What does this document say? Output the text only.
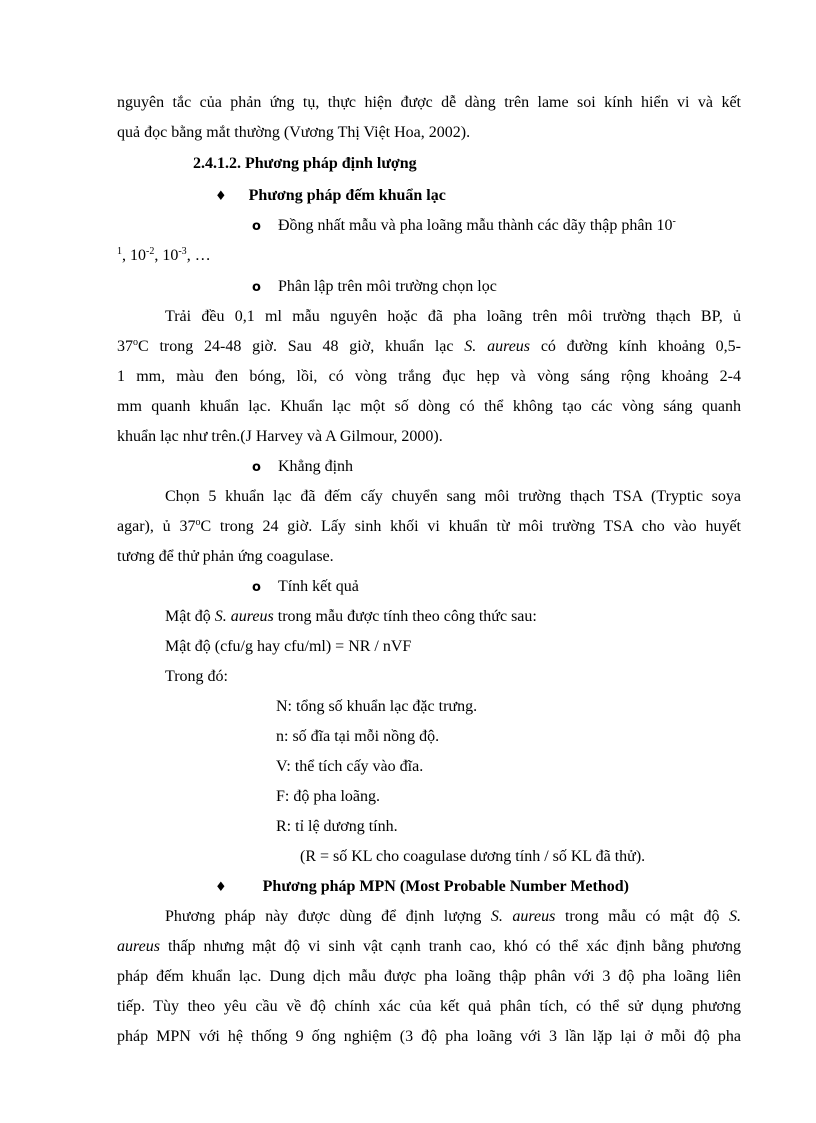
nguyên tắc của phản ứng tụ, thực hiện được dễ dàng trên lame soi kính hiển vi và kết
quả đọc bằng mắt thường (Vương Thị Việt Hoa, 2002).
2.4.1.2. Phương pháp định lượng
♦ Phương pháp đếm khuẩn lạc
o Đồng nhất mẫu và pha loãng mẫu thành các dãy thập phân 10-
$^1$, $10^{-2}$, $10^{-3}$, …
o Phân lập trên môi trường chọn lọc
Trải đều 0,1 ml mẫu nguyên hoặc đã pha loãng trên môi trường thạch BP, ủ
37$^o$C trong 24-48 giờ. Sau 48 giờ, khuẩn lạc S. aureus có đường kính khoảng 0,5-
1 mm, màu đen bóng, lồi, có vòng trắng đục hẹp và vòng sáng rộng khoảng 2-4
mm quanh khuẩn lạc. Khuẩn lạc một số dòng có thể không tạo các vòng sáng quanh
khuẩn lạc như trên.(J Harvey và A Gilmour, 2000).
o Khẳng định
Chọn 5 khuẩn lạc đã đếm cấy chuyển sang môi trường thạch TSA (Tryptic soya
agar), ủ 37$^o$C trong 24 giờ. Lấy sinh khối vi khuẩn từ môi trường TSA cho vào huyết
tương để thử phản ứng coagulase.
o Tính kết quả
Mật độ S. aureus trong mẫu được tính theo công thức sau:
Mật độ (cfu/g hay cfu/ml) = NR / nVF
Trong đó:
N: tổng số khuẩn lạc đặc trưng.
n: số đĩa tại mỗi nồng độ.
V: thể tích cấy vào đĩa.
F: độ pha loãng.
R: tỉ lệ dương tính.
(R = số KL cho coagulase dương tính / số KL đã thử).
♦ Phương pháp MPN (Most Probable Number Method)
Phương pháp này được dùng để định lượng S. aureus trong mẫu có mật độ S.
aureus thấp nhưng mật độ vi sinh vật cạnh tranh cao, khó có thể xác định bằng phương
pháp đếm khuẩn lạc. Dung dịch mẫu được pha loãng thập phân với 3 độ pha loãng liên
tiếp. Tùy theo yêu cầu về độ chính xác của kết quả phân tích, có thể sử dụng phương
pháp MPN với hệ thống 9 ống nghiệm (3 độ pha loãng với 3 lần lặp lại ở mỗi độ pha
